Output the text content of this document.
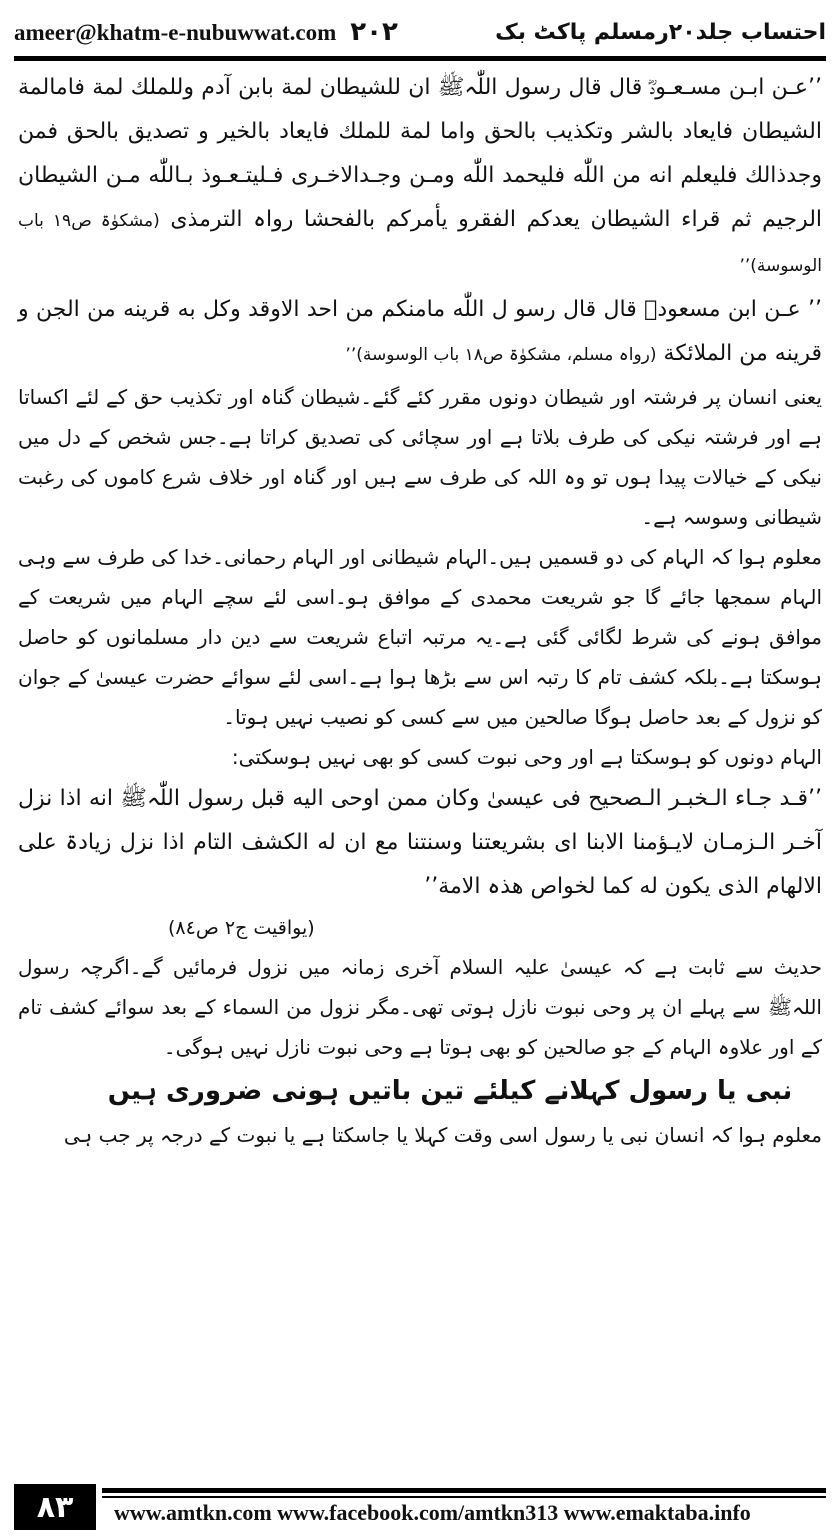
ameer@khatm-e-nubuwwat.com ۲۰۲	احتساب جلد۲۰رمسلم پاکٹ بک

’’عـن ابـن مسـعـودؓ قال قال رسول اللّٰہﷺ ان للشیطان لمة بابن آدم وللملك لمة فامالمة الشیطان فایعاد بالشر وتکذیب بالحق واما لمة للملك فایعاد بالخیر و تصدیق بالحق فمن وجدذالك فلیعلم انه من اللّٰه فلیحمد اللّٰه ومـن وجـدالاخـری فـلیتـعـوذ بـاللّٰه مـن الشیطان الرجیم ثم قراء الشیطان یعدکم الفقرو یأمرکم بالفحشا رواہ الترمذی (مشکوٰۃ ص۱۹ باب الوسوسة)’’

’’ عـن ابن مسعودؓ قال قال رسو ل اللّٰه مامنکم من احد الاوقد وکل به قرینه من الجن و قرینه من الملائکة (رواہ مسلم، مشکوٰۃ ص۱۸ باب الوسوسة)’’

یعنی انسان پر فرشتہ اور شیطان دونوں مقرر کئے گئے۔شیطان گناہ اور تکذیب حق کے لئے اکساتا ہے اور فرشتہ نیکی کی طرف بلاتا ہے اور سچائی کی تصدیق کراتا ہے۔جس شخص کے دل میں نیکی کے خیالات پیدا ہوں تو وہ اللہ کی طرف سے ہیں اور گناہ اور خلاف شرع کاموں کی رغبت شیطانی وسوسہ ہے۔

معلوم ہوا کہ الہام کی دو قسمیں ہیں۔الہام شیطانی اور الہام رحمانی۔خدا کی طرف سے وہی الہام سمجھا جائے گا جو شریعت محمدی کے موافق ہو۔اسی لئے سچے الہام میں شریعت کے موافق ہونے کی شرط لگائی گئی ہے۔یہ مرتبہ اتباع شریعت سے دین دار مسلمانوں کو حاصل ہوسکتا ہے۔بلکہ کشف تام کا رتبہ اس سے بڑھا ہوا ہے۔اسی لئے سوائے حضرت عیسیٰ کے جوان کو نزول کے بعد حاصل ہوگا صالحین میں سے کسی کو نصیب نہیں ہوتا۔

الہام دونوں کو ہوسکتا ہے اور وحی نبوت کسی کو بھی نہیں ہوسکتی:

’’قـد جـاء الـخبـر الـصحیح فی عیسیٰ وکان ممن اوحی الیه قبل رسول اللّٰہﷺ انه اذا نزل آخـر الـزمـان لایـؤمنا الابنا ای بشریعتنا وسنتنا مع ان له الکشف التام اذا نزل زیادۃ علی الالهام الذی یکون له کما لخواص هذہ الامة’’

(یواقیت ج۲ ص۸٤)

حدیث سے ثابت ہے کہ عیسیٰ علیہ السلام آخری زمانہ میں نزول فرمائیں گے۔اگرچہ رسول اللہﷺ سے پہلے ان پر وحی نبوت نازل ہوتی تھی۔مگر نزول من السماء کے بعد سوائے کشف تام کے اور علاوہ الہام کے جو صالحین کو بھی ہوتا ہے وحی نبوت نازل نہیں ہوگی۔

نبی یا رسول کہلانے کیلئے تین باتیں ہونی ضروری ہیں

معلوم ہوا کہ انسان نبی یا رسول اسی وقت کہلا یا جاسکتا ہے یا نبوت کے درجہ پر جب ہی

۸۳	www.amtkn.com www.facebook.com/amtkn313 www.emaktaba.info
